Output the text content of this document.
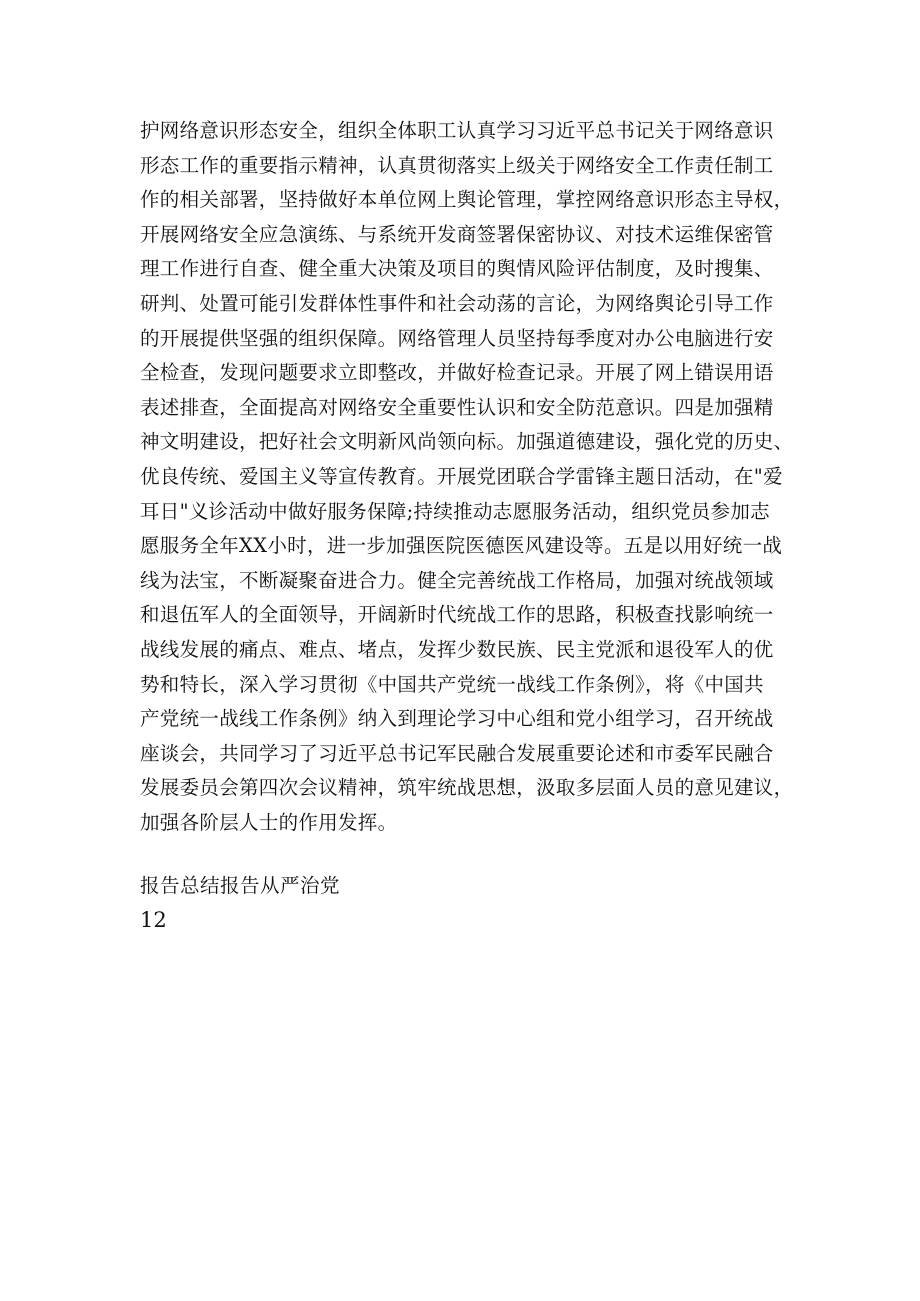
护网络意识形态安全，组织全体职工认真学习习近平总书记关于网络意识
形态工作的重要指示精神，认真贯彻落实上级关于网络安全工作责任制工
作的相关部署，坚持做好本单位网上舆论管理，掌控网络意识形态主导权，
开展网络安全应急演练、与系统开发商签署保密协议、对技术运维保密管
理工作进行自查、健全重大决策及项目的舆情风险评估制度，及时搜集、
研判、处置可能引发群体性事件和社会动荡的言论，为网络舆论引导工作
的开展提供坚强的组织保障。网络管理人员坚持每季度对办公电脑进行安
全检查，发现问题要求立即整改，并做好检查记录。开展了网上错误用语
表述排查，全面提高对网络安全重要性认识和安全防范意识。四是加强精
神文明建设，把好社会文明新风尚领向标。加强道德建设，强化党的历史、
优良传统、爱国主义等宣传教育。开展党团联合学雷锋主题日活动，在"爱
耳日"义诊活动中做好服务保障;持续推动志愿服务活动，组织党员参加志
愿服务全年XX小时，进一步加强医院医德医风建设等。五是以用好统一战
线为法宝，不断凝聚奋进合力。健全完善统战工作格局，加强对统战领域
和退伍军人的全面领导，开阔新时代统战工作的思路，积极查找影响统一
战线发展的痛点、难点、堵点，发挥少数民族、民主党派和退役军人的优
势和特长，深入学习贯彻《中国共产党统一战线工作条例》，将《中国共
产党统一战线工作条例》纳入到理论学习中心组和党小组学习，召开统战
座谈会，共同学习了习近平总书记军民融合发展重要论述和市委军民融合
发展委员会第四次会议精神，筑牢统战思想，汲取多层面人员的意见建议，
加强各阶层人士的作用发挥。
报告总结报告从严治党
12
